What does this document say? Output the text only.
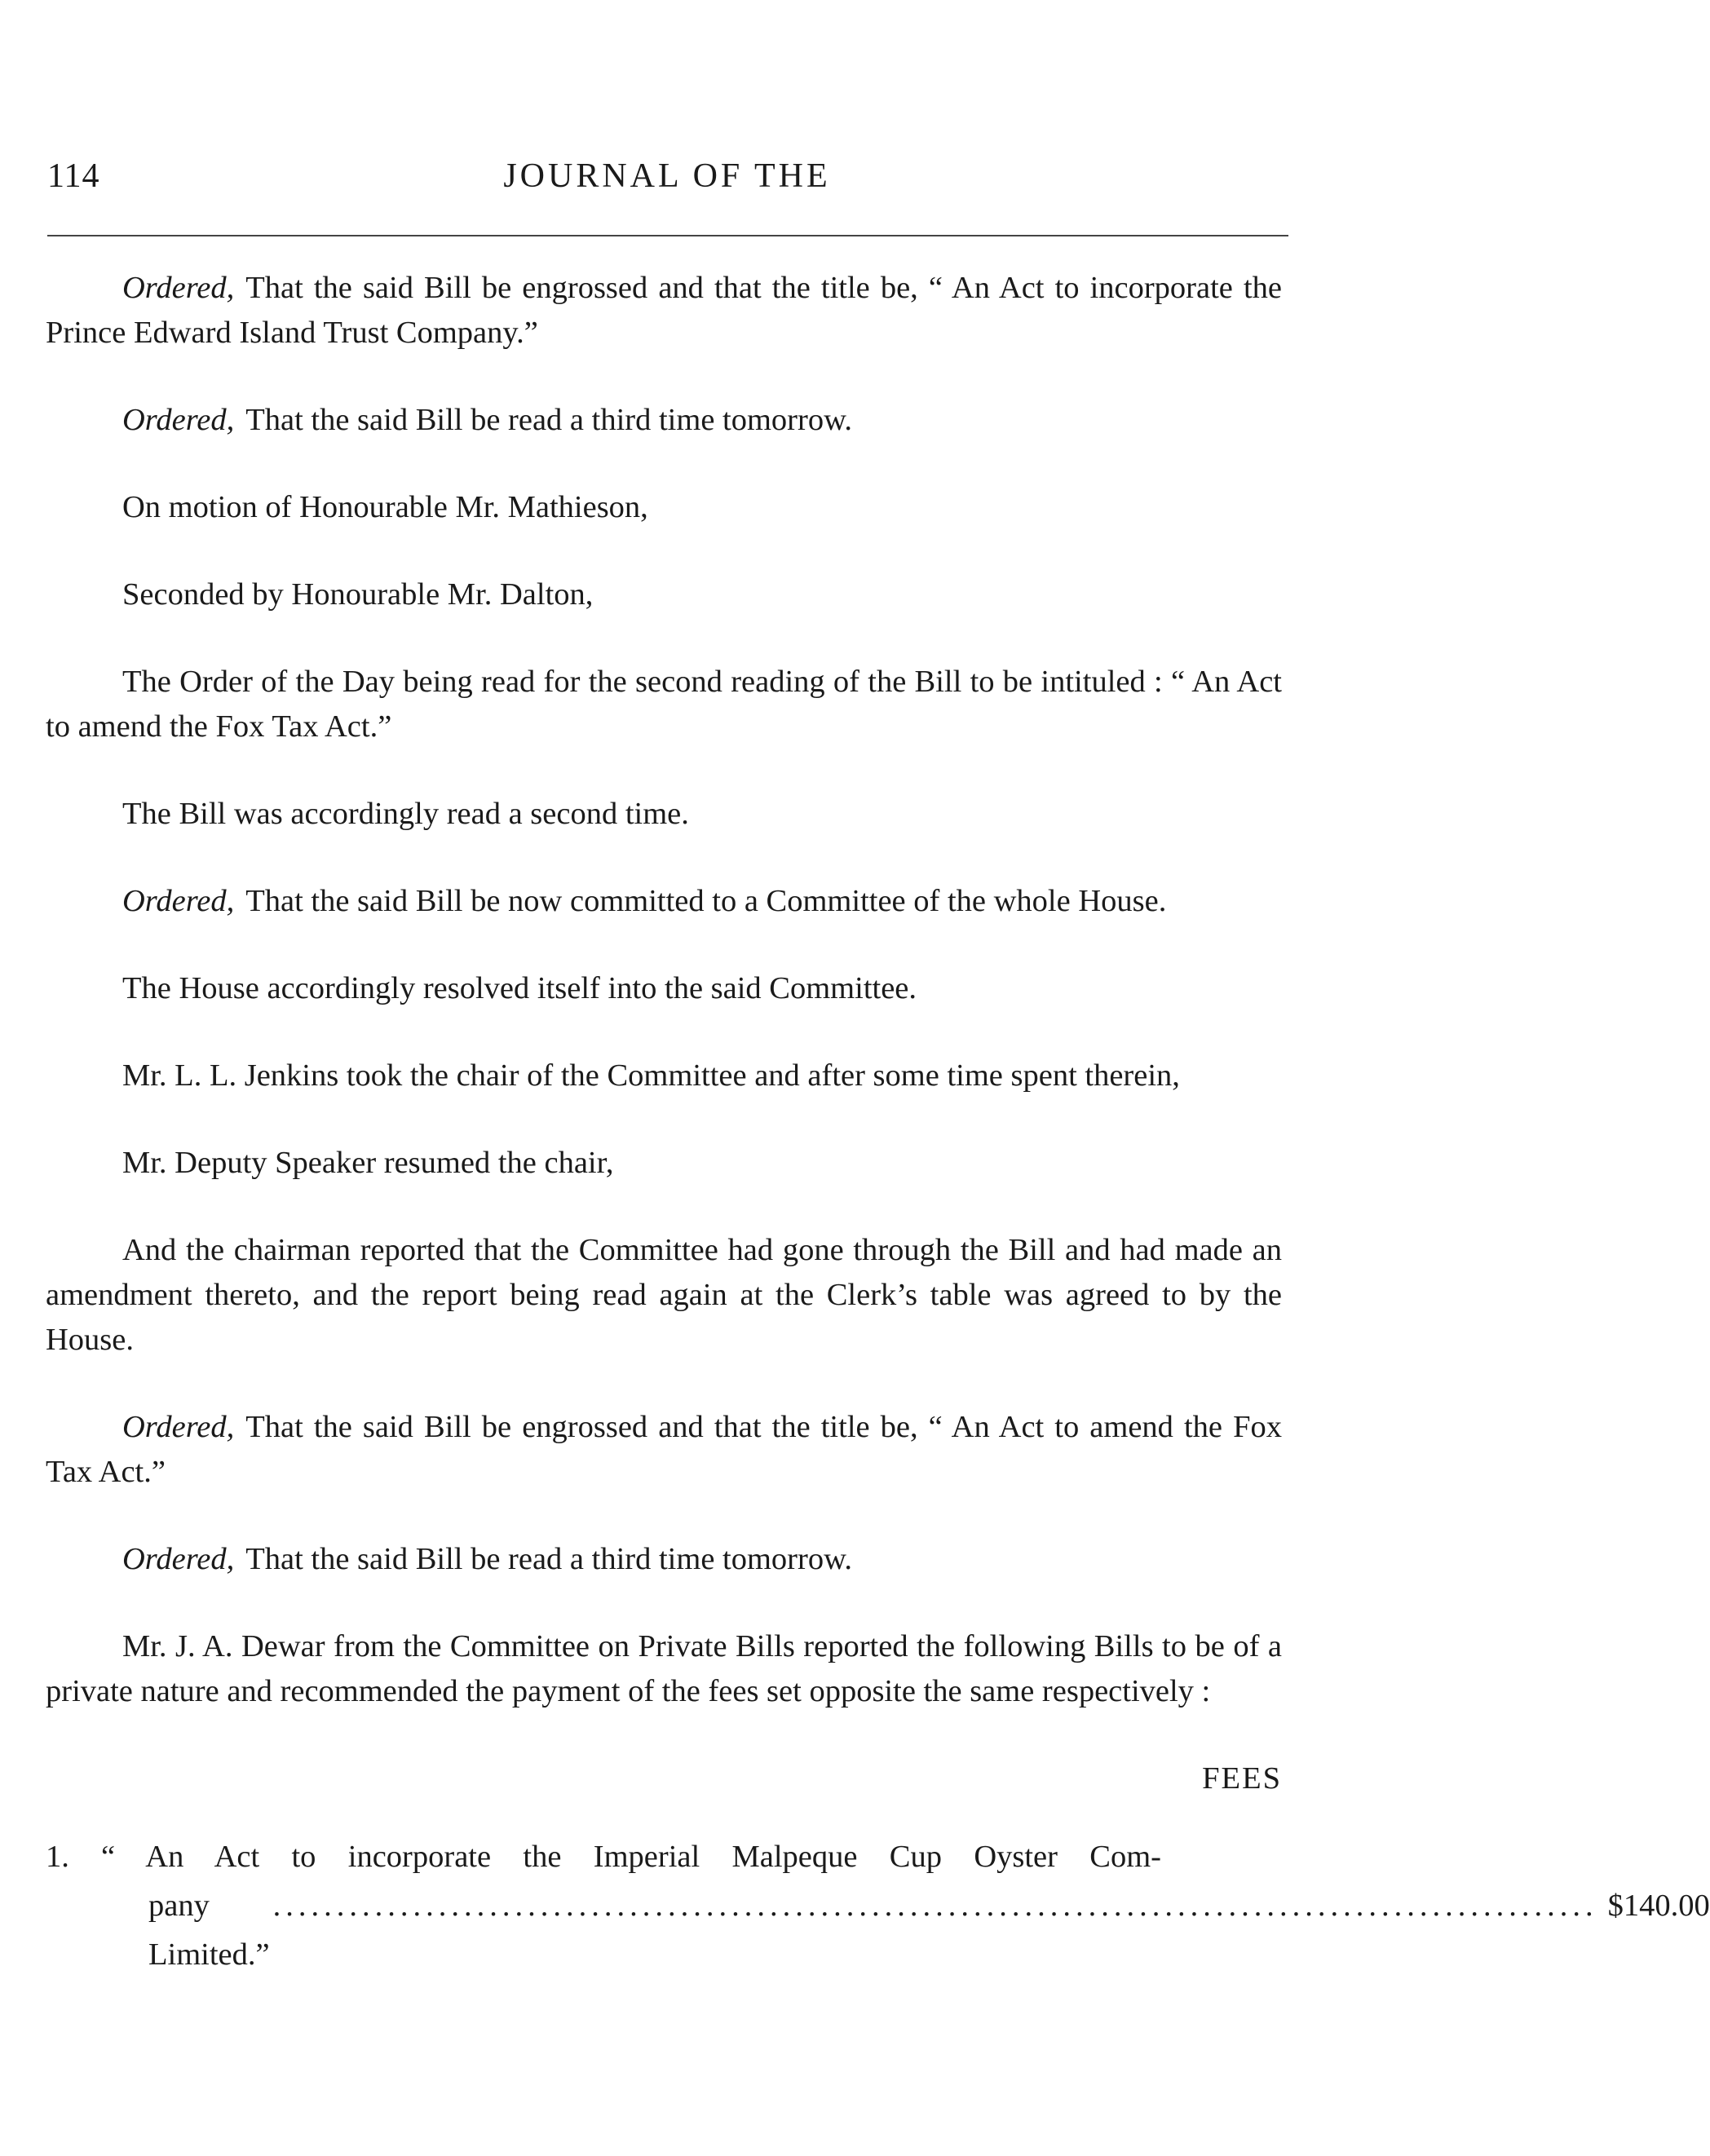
114	JOURNAL OF THE

Ordered, That the said Bill be engrossed and that the title be, “ An Act to incorporate the Prince Edward Island Trust Company.”

Ordered, That the said Bill be read a third time tomorrow.

On motion of Honourable Mr. Mathieson,

Seconded by Honourable Mr. Dalton,

The Order of the Day being read for the second reading of the Bill to be intituled : “ An Act to amend the Fox Tax Act.”

The Bill was accordingly read a second time.

Ordered, That the said Bill be now committed to a Committee of the whole House.

The House accordingly resolved itself into the said Committee.

Mr. L. L. Jenkins took the chair of the Committee and after some time spent therein,

Mr. Deputy Speaker resumed the chair,

And the chairman reported that the Committee had gone through the Bill and had made an amendment thereto, and the report being read again at the Clerk’s table was agreed to by the House.

Ordered, That the said Bill be engrossed and that the title be, “ An Act to amend the Fox Tax Act.”

Ordered, That the said Bill be read a third time tomorrow.

Mr. J. A. Dewar from the Committee on Private Bills reported the following Bills to be of a private nature and recommended the payment of the fees set opposite the same respectively :

FEES
1.	“ An Act to incorporate the Imperial Malpeque Cup Oyster Com-
pany Limited.”
........................................................................................................ $140.00
